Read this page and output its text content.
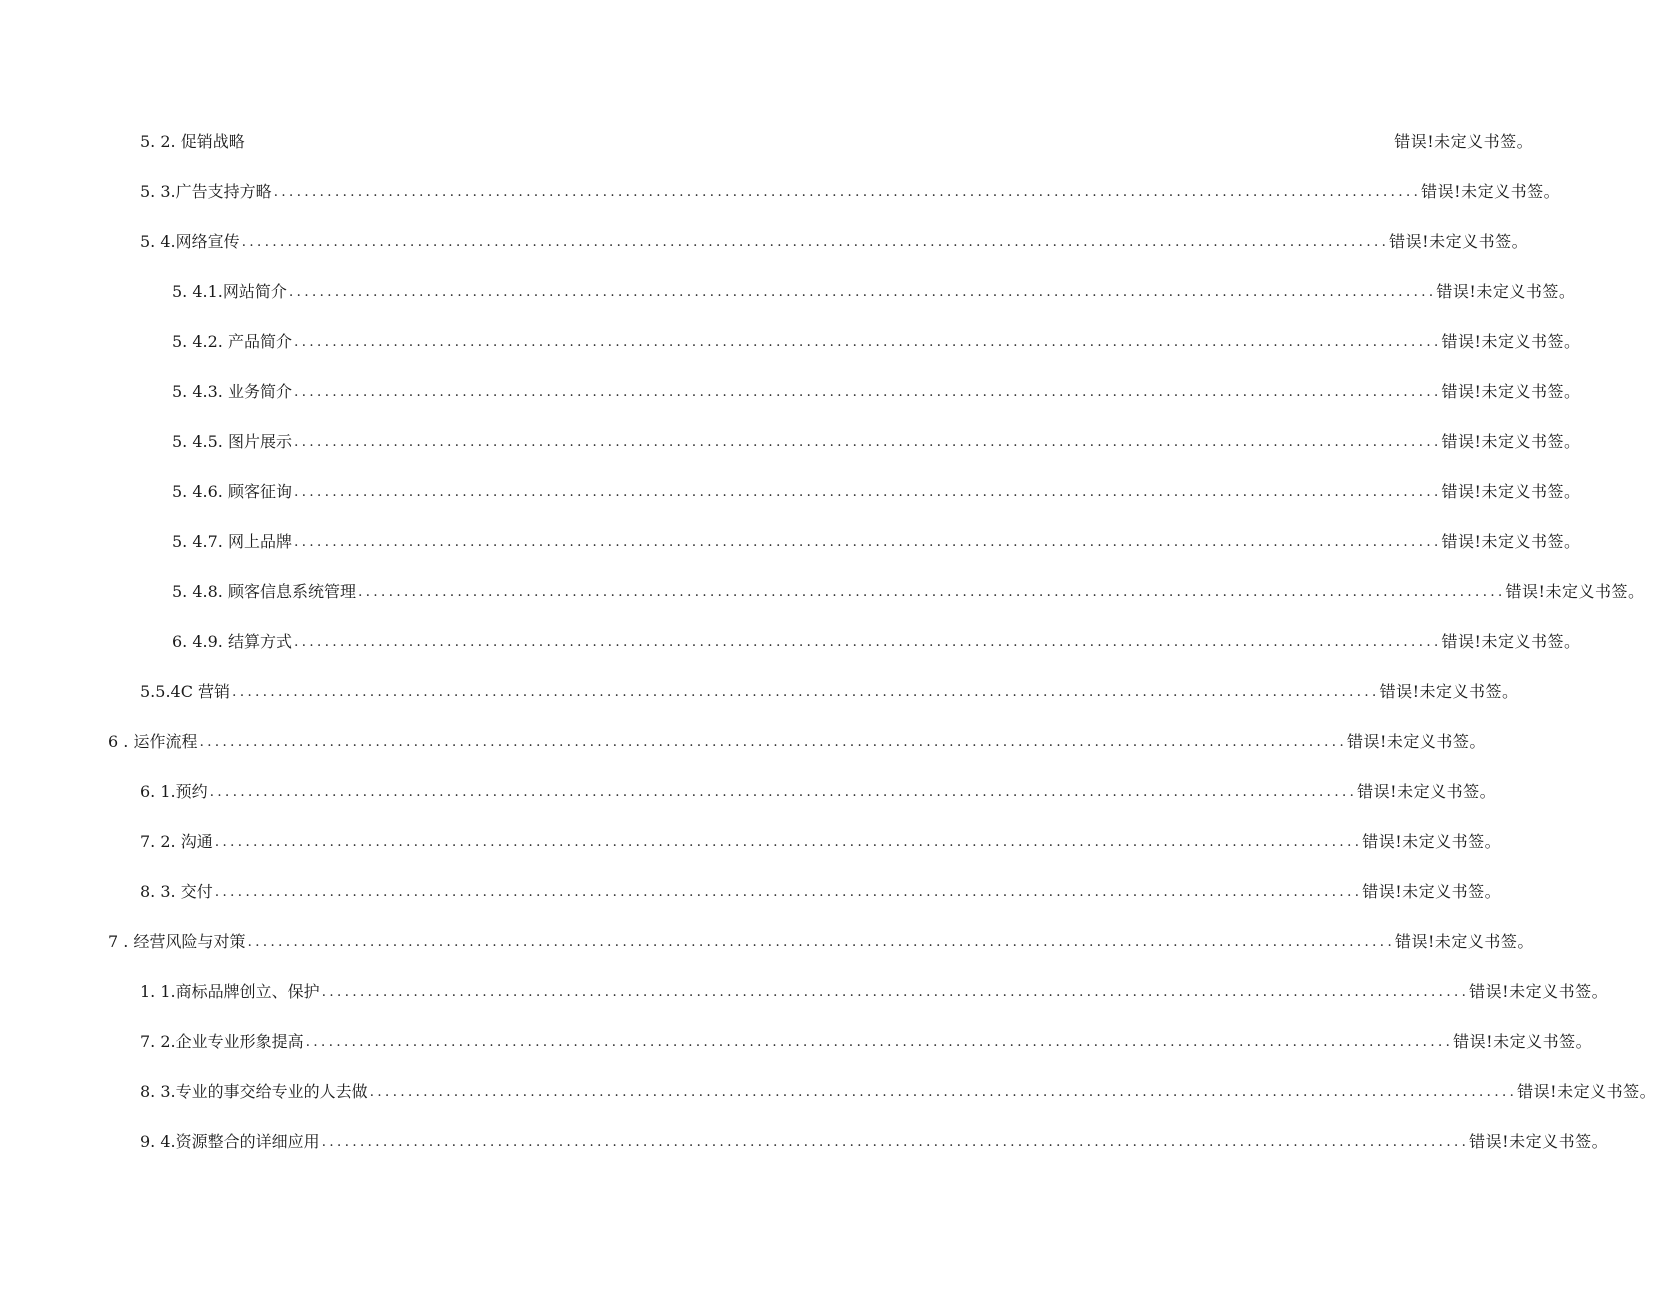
5. 2. 促销战略	错误!未定义书签。
5. 3.广告支持方略 ...................................................................................................................................................... 错误!未定义书签。
5. 4.网络宣传 ...................................................................................................................................................... 错误!未定义书签。
5. 4.1.网站简介 ...................................................................................................................................................... 错误!未定义书签。
5. 4.2. 产品简介 ...................................................................................................................................................... 错误!未定义书签。
5. 4.3. 业务简介 ...................................................................................................................................................... 错误!未定义书签。
5. 4.5. 图片展示 ...................................................................................................................................................... 错误!未定义书签。
5. 4.6. 顾客征询 ...................................................................................................................................................... 错误!未定义书签。
5. 4.7. 网上品牌 ...................................................................................................................................................... 错误!未定义书签。
5. 4.8. 顾客信息系统管理 ...................................................................................................................................................... 错误!未定义书签。
6. 4.9. 结算方式 ...................................................................................................................................................... 错误!未定义书签。
5.5.4C 营销 ...................................................................................................................................................... 错误!未定义书签。
6 . 运作流程 ...................................................................................................................................................... 错误!未定义书签。
6. 1.预约 ...................................................................................................................................................... 错误!未定义书签。
7. 2. 沟通 ...................................................................................................................................................... 错误!未定义书签。
8. 3. 交付 ...................................................................................................................................................... 错误!未定义书签。
7 . 经营风险与对策 ...................................................................................................................................................... 错误!未定义书签。
1. 1.商标品牌创立、保护 ...................................................................................................................................................... 错误!未定义书签。
7. 2.企业专业形象提高 ...................................................................................................................................................... 错误!未定义书签。
8. 3.专业的事交给专业的人去做 ...................................................................................................................................................... 错误!未定义书签。
9. 4.资源整合的详细应用 ...................................................................................................................................................... 错误!未定义书签。
